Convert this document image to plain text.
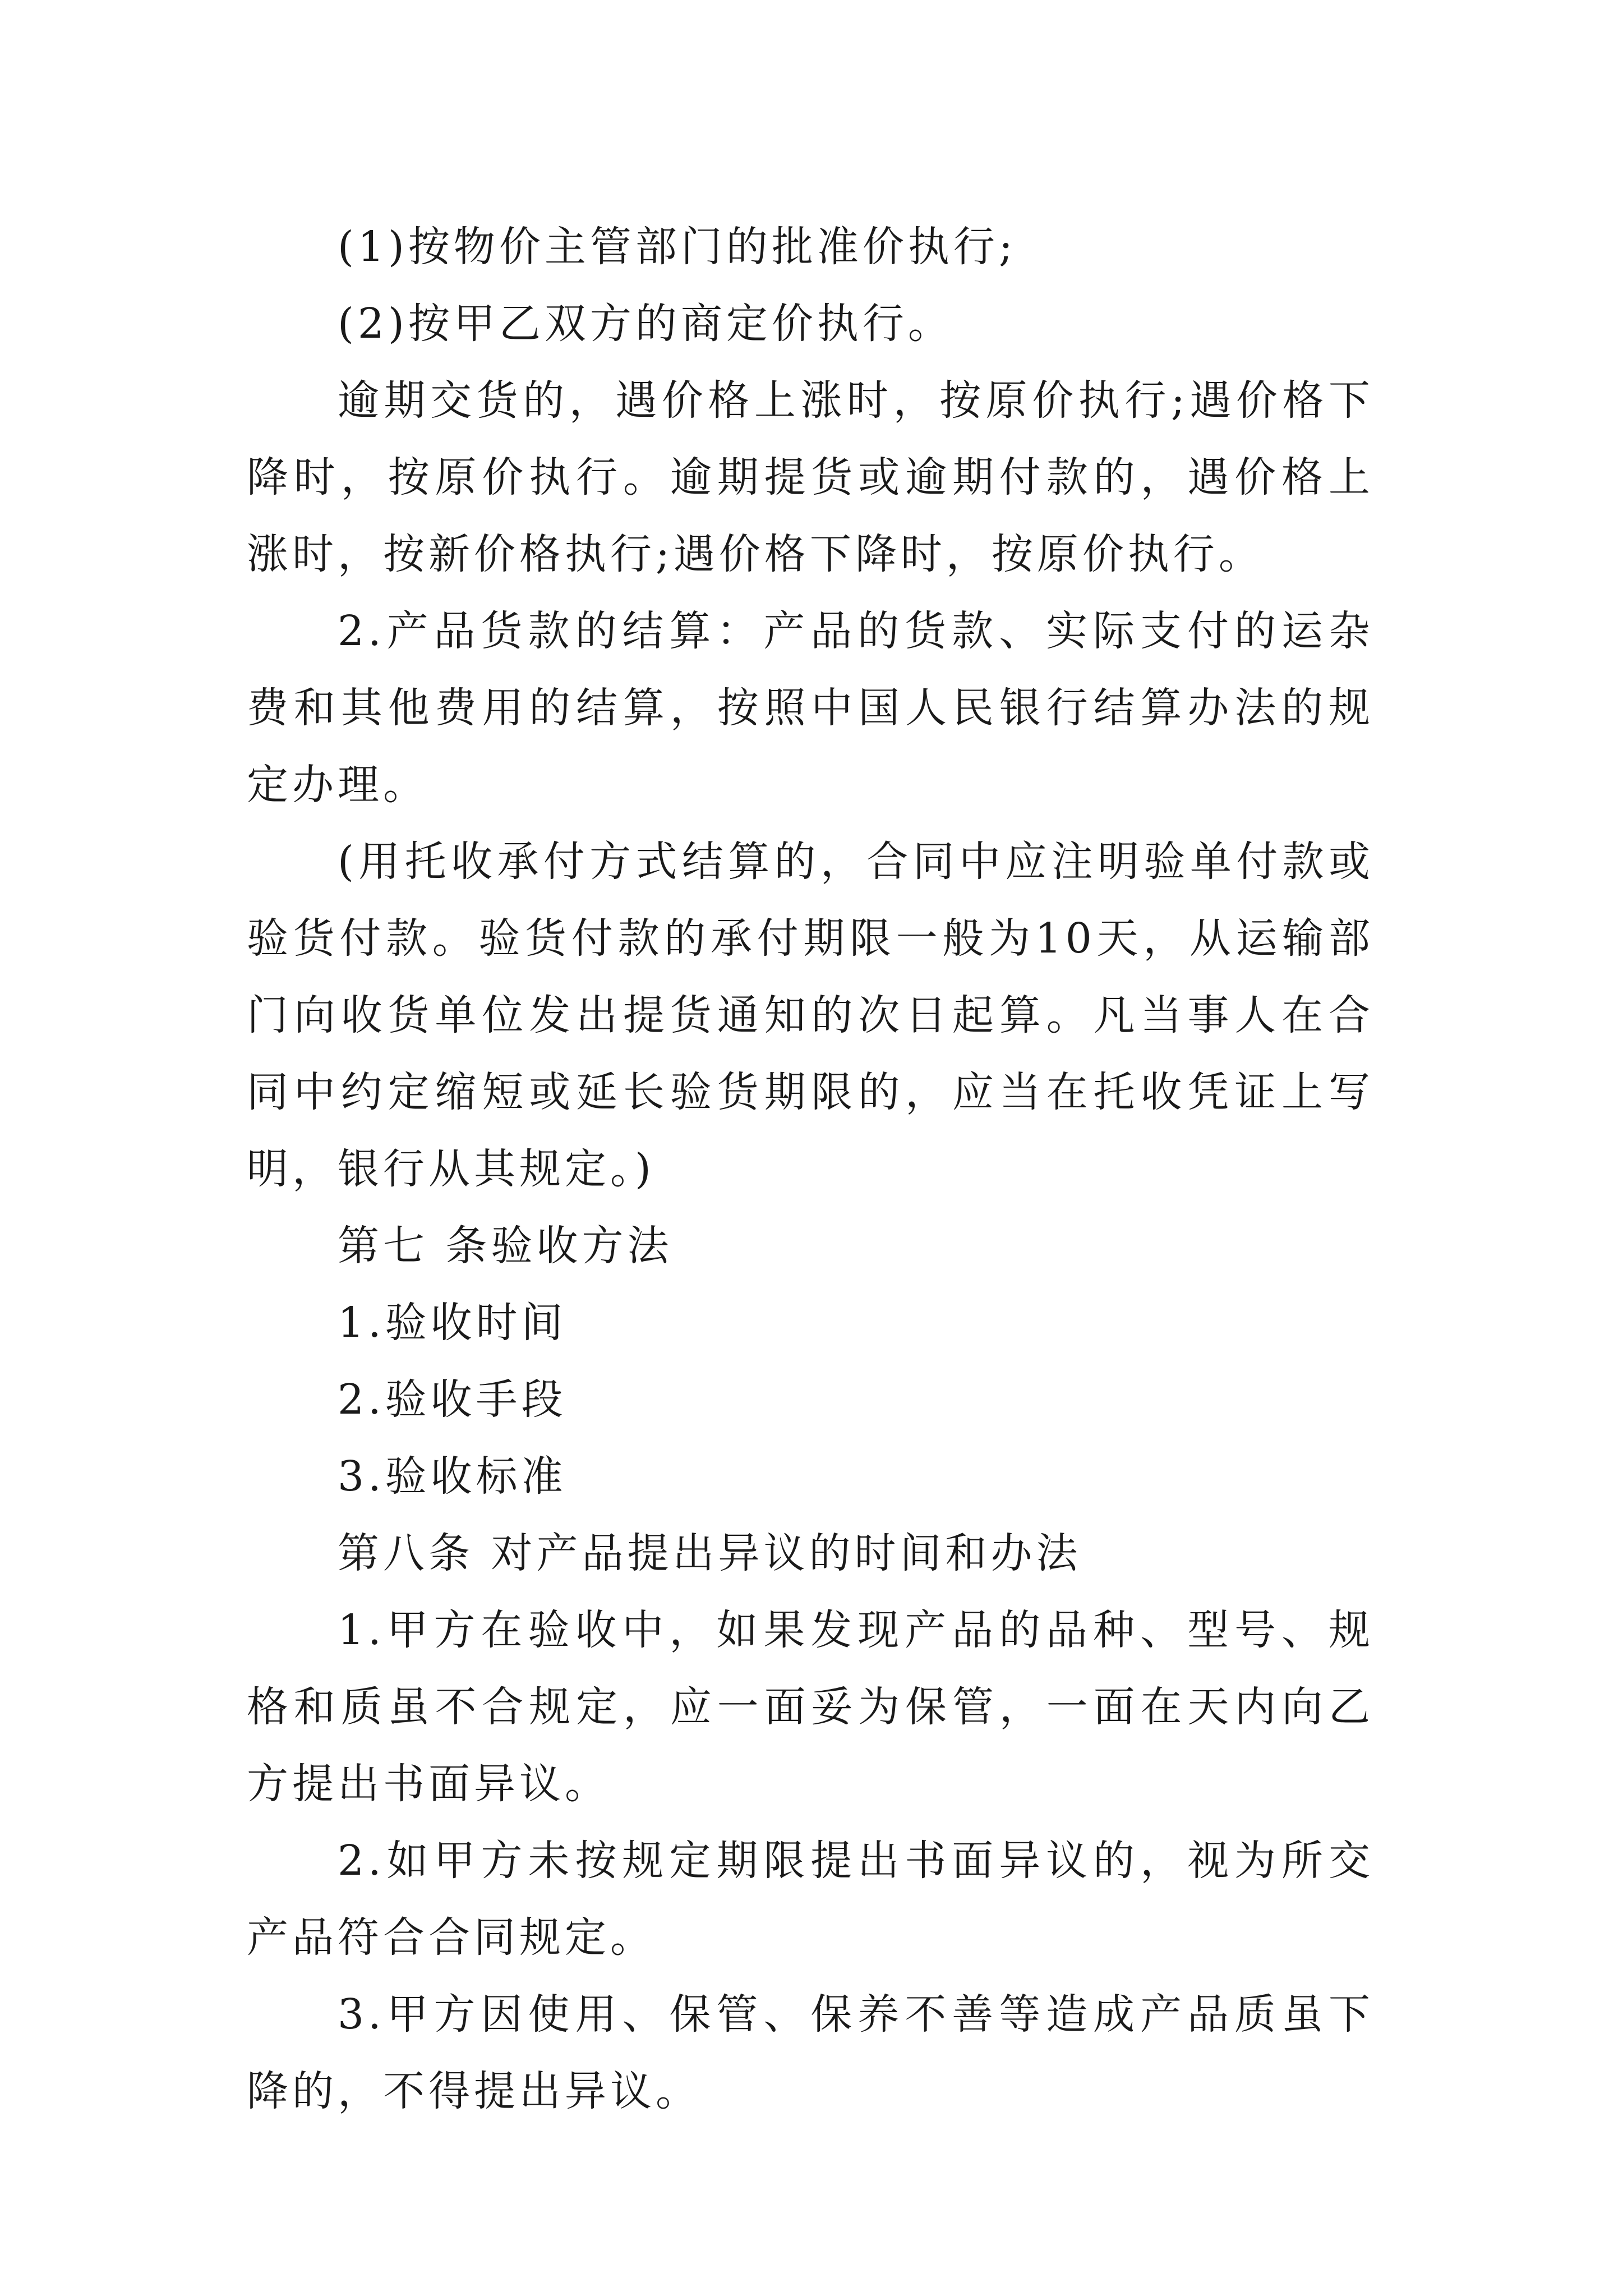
(1)按物价主管部门的批准价执行;

(2)按甲乙双方的商定价执行。

逾期交货的，遇价格上涨时，按原价执行;遇价格下降时，按原价执行。逾期提货或逾期付款的，遇价格上涨时，按新价格执行;遇价格下降时，按原价执行。

2.产品货款的结算：产品的货款、实际支付的运杂费和其他费用的结算，按照中国人民银行结算办法的规定办理。

(用托收承付方式结算的，合同中应注明验单付款或验货付款。验货付款的承付期限一般为10天，从运输部门向收货单位发出提货通知的次日起算。凡当事人在合同中约定缩短或延长验货期限的，应当在托收凭证上写明，银行从其规定。)

第七 条验收方法

1.验收时间

2.验收手段

3.验收标准

第八条 对产品提出异议的时间和办法

1.甲方在验收中，如果发现产品的品种、型号、规格和质虽不合规定，应一面妥为保管，一面在天内向乙方提出书面异议。

2.如甲方未按规定期限提出书面异议的，视为所交产品符合合同规定。

3.甲方因使用、保管、保养不善等造成产品质虽下降的，不得提出异议。
